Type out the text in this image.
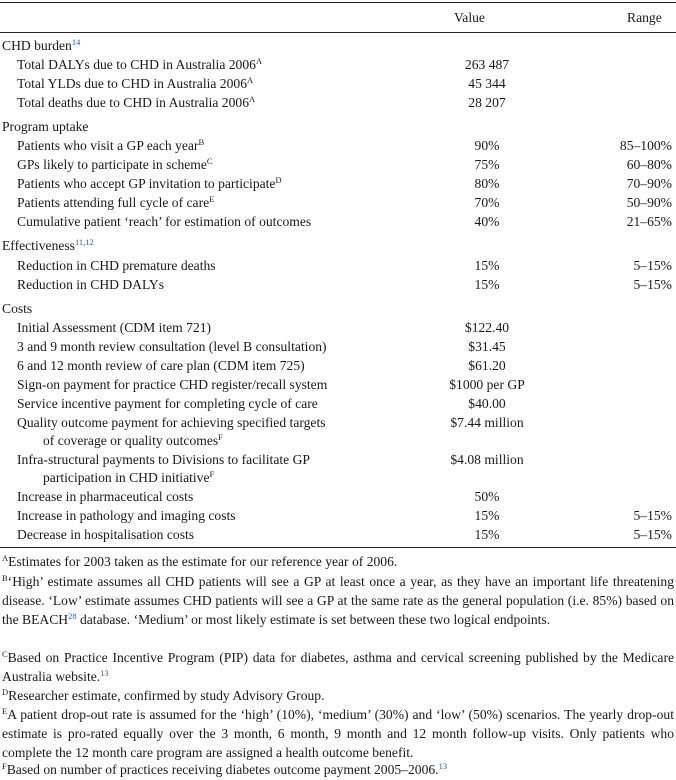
Value	Range
CHD burden$^{14}$
Total DALYs due to CHD in Australia $2006^A$	263 487
Total YLDs due to CHD in Australia $2006^A$	45 344
Total deaths due to CHD in Australia $2006^A$	28 207
Program uptake
Patients who visit a GP each year$^B$	90%	85–100%
GPs likely to participate in scheme$^C$	75%	60–80%
Patients who accept GP invitation to participate$^D$	80%	70–90%
Patients attending full cycle of care$^E$	70%	50–90%
Cumulative patient ‘reach’ for estimation of outcomes	40%	21–65%
Effectiveness$^{11,12}$
Reduction in CHD premature deaths	15%	5–15%
Reduction in CHD DALYs	15%	5–15%
Costs
Initial Assessment (CDM item 721)	$122.40
3 and 9 month review consultation (level B consultation)	$31.45
6 and 12 month review of care plan (CDM item 725)	$61.20
Sign-on payment for practice CHD register/recall system	$1000 per GP
Service incentive payment for completing cycle of care	$40.00
Quality outcome payment for achieving specified targets	$7.44 million
of coverage or quality outcomes$^F$
Infra-structural payments to Divisions to facilitate GP	$4.08 million
participation in CHD initiative$^F$
Increase in pharmaceutical costs	50%
Increase in pathology and imaging costs	15%	5–15%
Decrease in hospitalisation costs	15%	5–15%
$^A$Estimates for 2003 taken as the estimate for our reference year of 2006.
$^B$‘High’ estimate assumes all CHD patients will see a GP at least once a year, as they have an important life threatening disease. ‘Low’ estimate assumes CHD patients will see a GP at the same rate as the general population (i.e. 85%) based on the BEACH$^{28}$ database. ‘Medium’ or most likely estimate is set between these two logical endpoints.
$^C$Based on Practice Incentive Program (PIP) data for diabetes, asthma and cervical screening published by the Medicare Australia website.$^{13}$
$^D$Researcher estimate, confirmed by study Advisory Group.
$^E$A patient drop-out rate is assumed for the ‘high’ (10%), ‘medium’ (30%) and ‘low’ (50%) scenarios. The yearly drop-out estimate is pro-rated equally over the 3 month, 6 month, 9 month and 12 month follow-up visits. Only patients who complete the 12 month care program are assigned a health outcome benefit.
$^F$Based on number of practices receiving diabetes outcome payment 2005–2006.13
